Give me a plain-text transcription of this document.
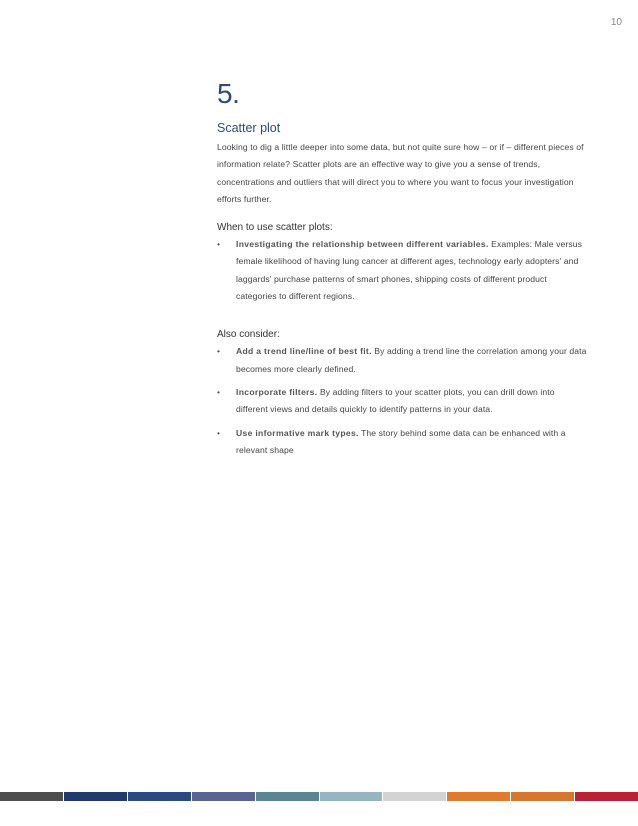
10
5.
Scatter plot
Looking to dig a little deeper into some data, but not quite sure how – or if – different pieces of information relate? Scatter plots are an effective way to give you a sense of trends, concentrations and outliers that will direct you to where you want to focus your investigation efforts further.
When to use scatter plots:
• Investigating the relationship between different variables. Examples: Male versus female likelihood of having lung cancer at different ages, technology early adopters' and laggards' purchase patterns of smart phones, shipping costs of different product categories to different regions.
Also consider:
• Add a trend line/line of best fit. By adding a trend line the correlation among your data becomes more clearly defined.
• Incorporate filters. By adding filters to your scatter plots, you can drill down into different views and details quickly to identify patterns in your data.
• Use informative mark types. The story behind some data can be enhanced with a relevant shape
